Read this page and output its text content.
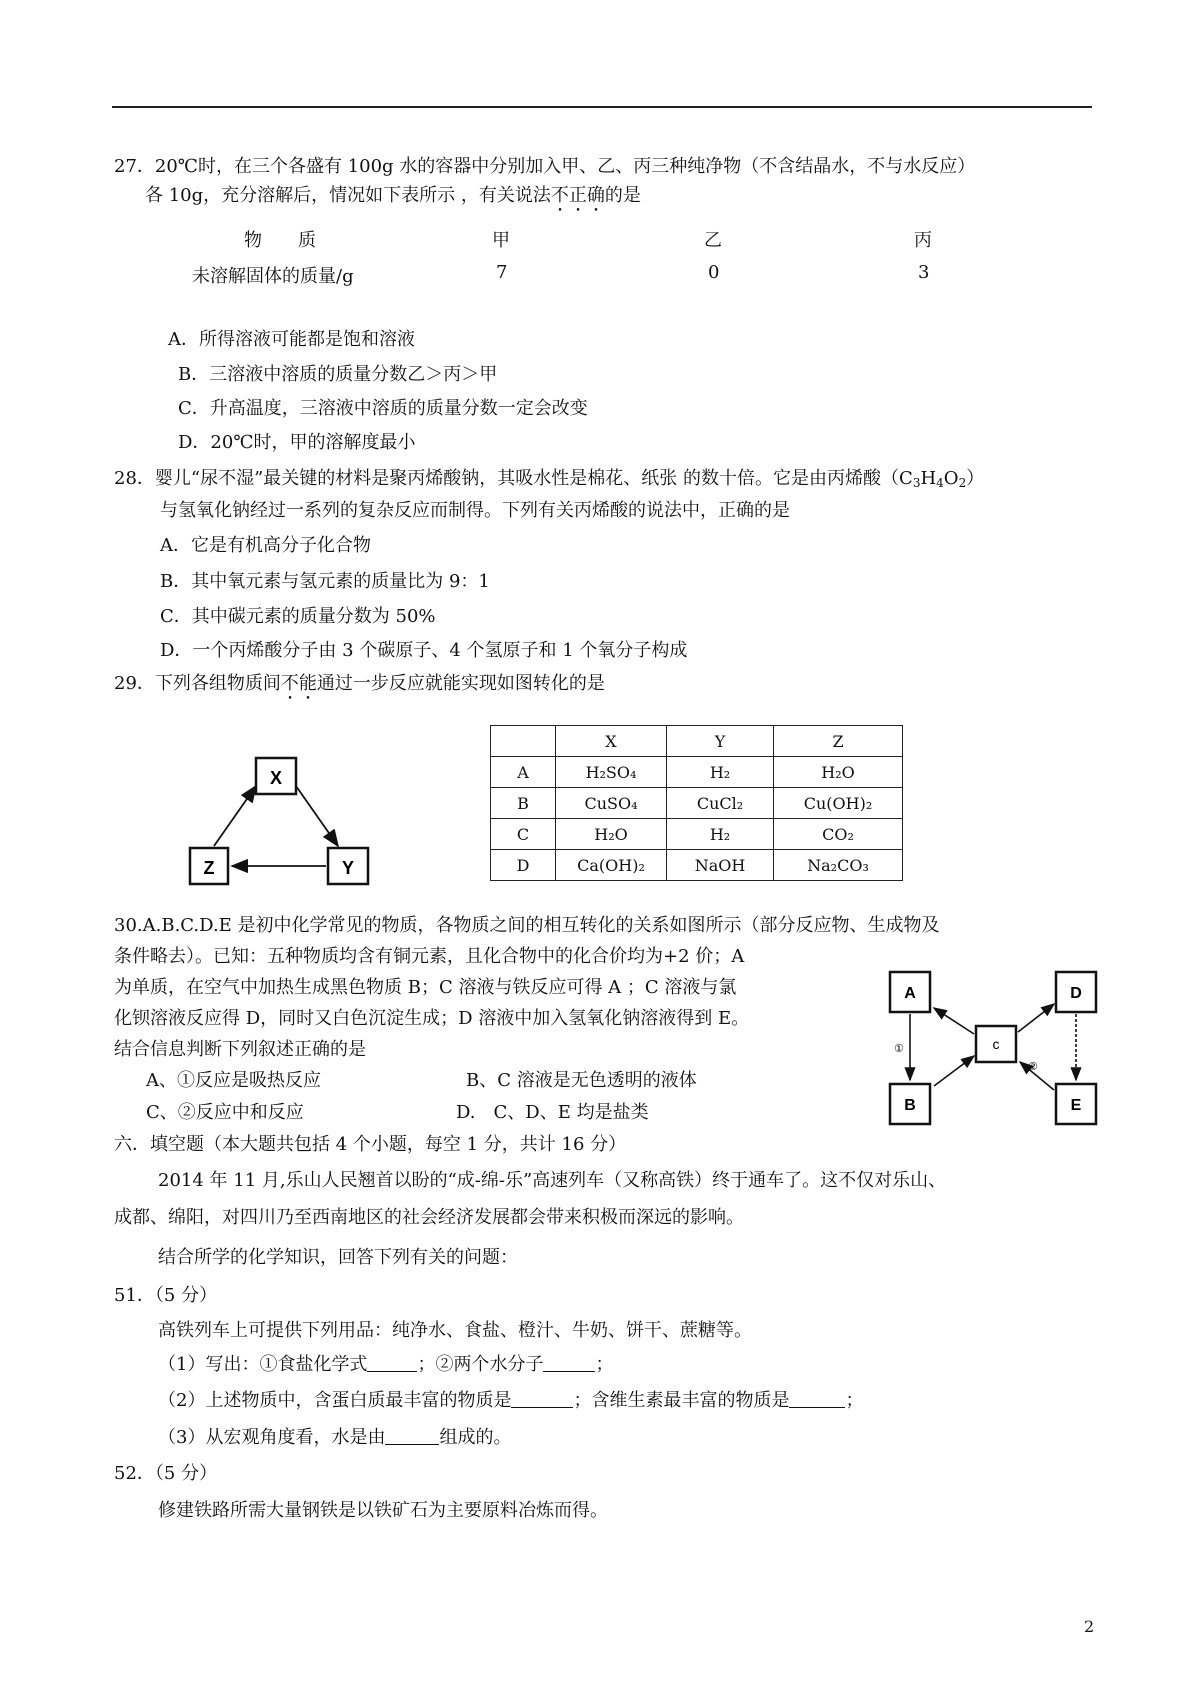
27．20℃时，在三个各盛有 100g 水的容器中分别加入甲、乙、丙三种纯净物（不含结晶水，不与水反应）
各 10g，充分溶解后，情况如下表所示 ，有关说法不正确的是
物　　质	甲	乙	丙
未溶解固体的质量/g	7	0	3
A．所得溶液可能都是饱和溶液
B．三溶液中溶质的质量分数乙＞丙＞甲
C．升高温度，三溶液中溶质的质量分数一定会改变
D．20℃时，甲的溶解度最小
28．婴儿“尿不湿”最关键的材料是聚丙烯酸钠，其吸水性是棉花、纸张 的数十倍。它是由丙烯酸$(C_3H_4O_2)$
与氢氧化钠经过一系列的复杂反应而制得。下列有关丙烯酸的说法中，正确的是
A．它是有机高分子化合物
B．其中氧元素与氢元素的质量比为 9：1
C．其中碳元素的质量分数为 50%
D．一个丙烯酸分子由 3 个碳原子、4 个氢原子和 1 个氧分子构成
29．下列各组物质间不能通过一步反应就能实现如图转化的是
X
Z	Y
	X	Y	Z
A	H₂SO₄	H₂	H₂O
B	CuSO₄	CuCl₂	Cu(OH)₂
C	H₂O	H₂	CO₂
D	Ca(OH)₂	NaOH	Na₂CO₃
30.A.B.C.D.E 是初中化学常见的物质，各物质之间的相互转化的关系如图所示（部分反应物、生成物及
条件略去）。已知：五种物质均含有铜元素，且化合物中的化合价均为+2 价；A
为单质，在空气中加热生成黑色物质 B；C 溶液与铁反应可得 A ；C 溶液与氯
化钡溶液反应得 D，同时又白色沉淀生成；D 溶液中加入氢氧化钠溶液得到 E。
结合信息判断下列叙述正确的是
A、①反应是吸热反应	B、C 溶液是无色透明的液体
C、②反应中和反应	D.　C、D、E 均是盐类
A
B
c
D
E
①
②
六．填空题（本大题共包括 4 个小题，每空 1 分，共计 16 分）
2014 年 11 月,乐山人民翘首以盼的“成-绵-乐”高速列车（又称高铁）终于通车了。这不仅对乐山、
成都、绵阳，对四川乃至西南地区的社会经济发展都会带来积极而深远的影响。
结合所学的化学知识，回答下列有关的问题：
51．（5 分）
高铁列车上可提供下列用品：纯净水、食盐、橙汁、牛奶、饼干、蔗糖等。
（1）写出：①食盐化学式	；②两个水分子	；
（2）上述物质中，含蛋白质最丰富的物质是	；含维生素最丰富的物质是	；
（3）从宏观角度看，水是由	组成的。
52．（5 分）
修建铁路所需大量钢铁是以铁矿石为主要原料冶炼而得。
2
